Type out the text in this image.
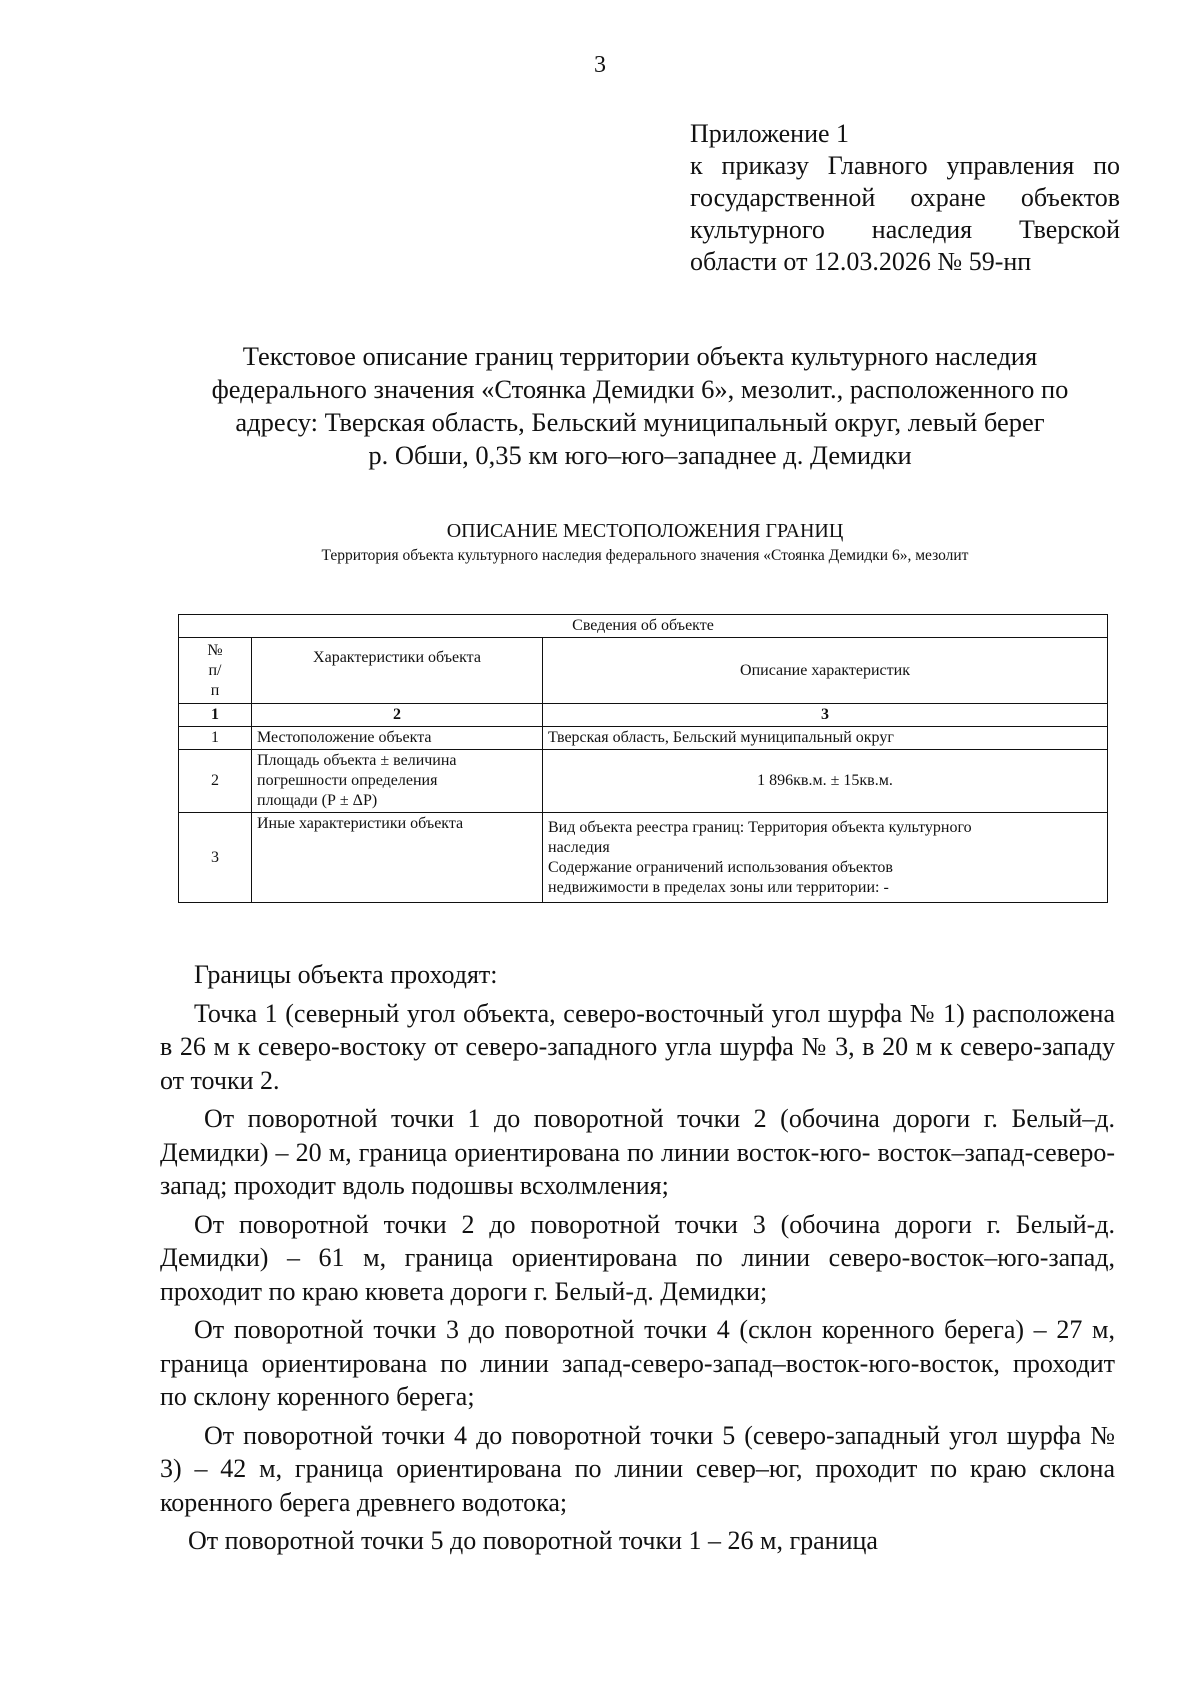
3
Приложение 1
к приказу Главного управления по государственной охране объектов культурного наследия Тверской области от 12.03.2026 № 59-нп
Текстовое описание границ территории объекта культурного наследия
федерального значения «Стоянка Демидки 6», мезолит., расположенного по
адресу: Тверская область, Бельский муниципальный округ, левый берег
р. Обши, 0,35 км юго–юго–западнее д. Демидки
ОПИСАНИЕ МЕСТОПОЛОЖЕНИЯ ГРАНИЦ
Территория объекта культурного наследия федерального значения «Стоянка Демидки 6», мезолит
Сведения об объекте		

№
п/
п	Характеристики объекта	Описание характеристик
1	2	3
1	Местоположение объекта	Тверская область, Бельский муниципальный округ
2	Площадь объекта ± величина
погрешности определения
площади (Р ± ΔР)	1 896кв.м. ± 15кв.м.
3	Иные характеристики объекта	Вид объекта реестра границ: Территория объекта культурного
наследия
Содержание ограничений использования объектов
недвижимости в пределах зоны или территории: -

Границы объекта проходят:

Точка 1 (северный угол объекта, северо-восточный угол шурфа № 1) расположена в 26 м к северо-востоку от северо-западного угла шурфа № 3, в 20 м к северо-западу от точки 2.

От поворотной точки 1 до поворотной точки 2 (обочина дороги г. Белый–д. Демидки) – 20 м, граница ориентирована по линии восток-юго- восток–запад-северо-запад; проходит вдоль подошвы всхолмления;

От поворотной точки 2 до поворотной точки 3 (обочина дороги г. Белый-д. Демидки) – 61 м, граница ориентирована по линии северо-восток–юго-запад, проходит по краю кювета дороги г. Белый-д. Демидки;

От поворотной точки 3 до поворотной точки 4 (склон коренного берега) – 27 м, граница ориентирована по линии запад-северо-запад–восток-юго-восток, проходит по склону коренного берега;

От поворотной точки 4 до поворотной точки 5 (северо-западный угол шурфа № 3) – 42 м, граница ориентирована по линии север–юг, проходит по краю склона коренного берега древнего водотока;

От поворотной точки 5 до поворотной точки 1 – 26 м, граница
